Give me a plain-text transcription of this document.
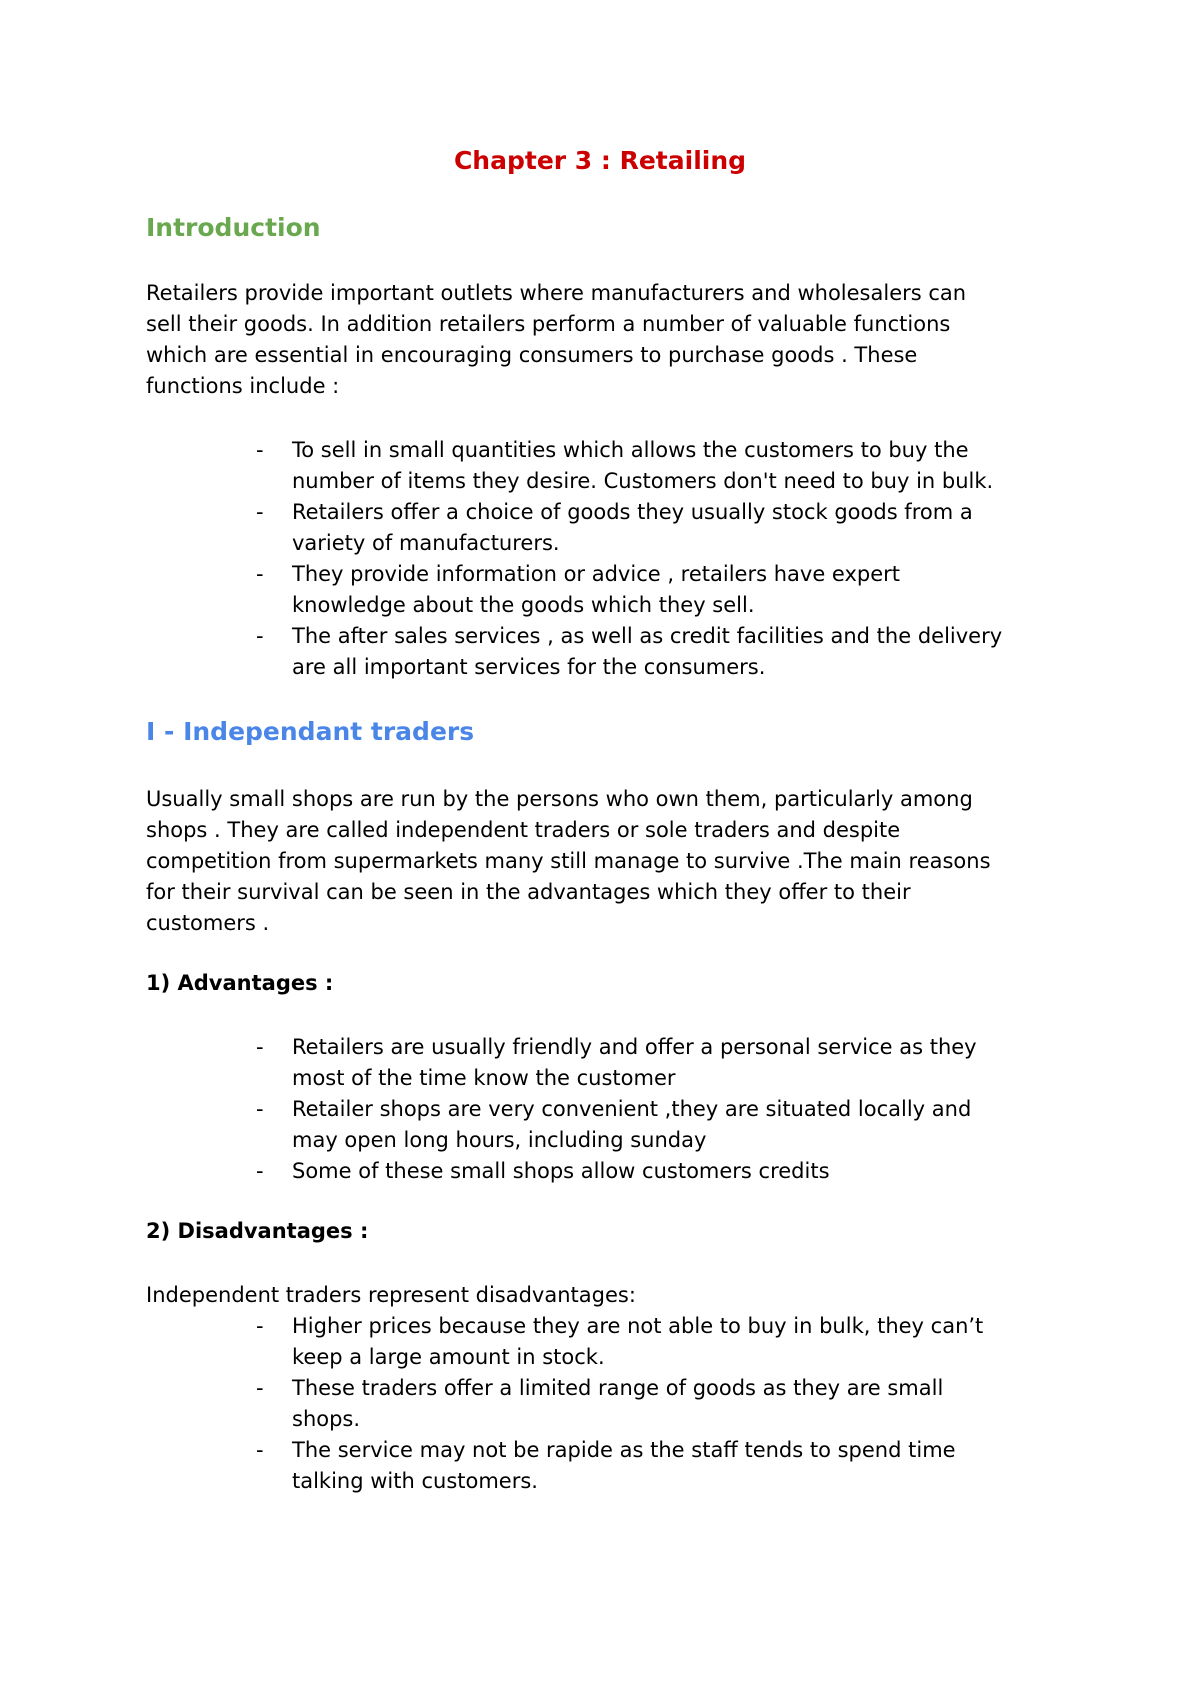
Chapter 3 : Retailing
Introduction
Retailers provide important outlets where manufacturers and wholesalers can
sell their goods. In addition retailers perform a number of valuable functions
which are essential in encouraging consumers to purchase goods . These
functions include :
- To sell in small quantities which allows the customers to buy the
number of items they desire. Customers don't need to buy in bulk.
- Retailers offer a choice of goods they usually stock goods from a
variety of manufacturers.
- They provide information or advice , retailers have expert
knowledge about the goods which they sell.
- The after sales services , as well as credit facilities and the delivery
are all important services for the consumers.
I - Independant traders
Usually small shops are run by the persons who own them, particularly among
shops . They are called independent traders or sole traders and despite
competition from supermarkets many still manage to survive .The main reasons
for their survival can be seen in the advantages which they offer to their
customers .
1) Advantages :
- Retailers are usually friendly and offer a personal service as they
most of the time know the customer
- Retailer shops are very convenient ,they are situated locally and
may open long hours, including sunday
- Some of these small shops allow customers credits
2) Disadvantages :
Independent traders represent disadvantages:
- Higher prices because they are not able to buy in bulk, they can’t
keep a large amount in stock.
- These traders offer a limited range of goods as they are small
shops.
- The service may not be rapide as the staff tends to spend time
talking with customers.
